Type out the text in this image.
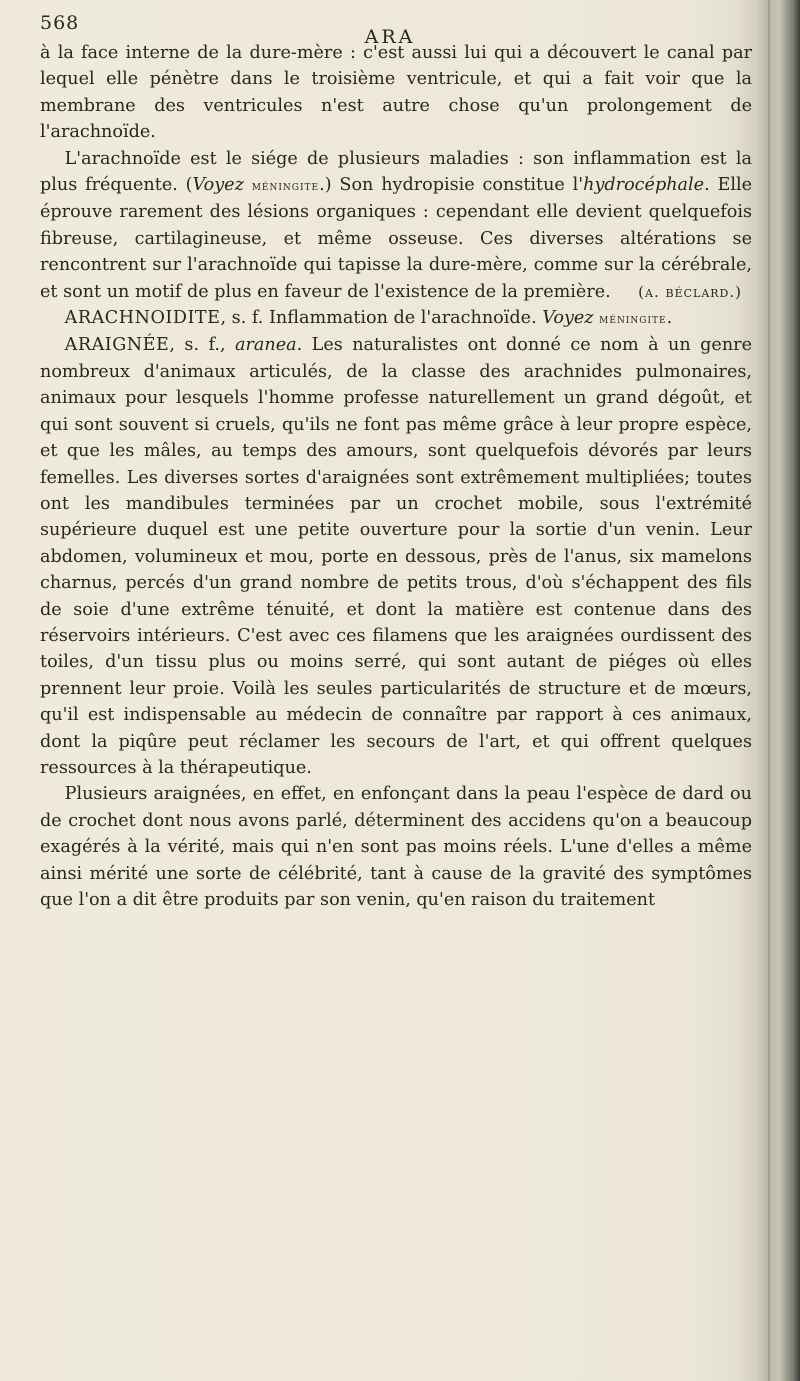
568
ARA

à la face interne de la dure-mère : c'est aussi lui qui a découvert le canal par lequel elle pénètre dans le troisième ventricule, et qui a fait voir que la membrane des ventricules n'est autre chose qu'un prolongement de l'arachnoïde.

L'arachnoïde est le siége de plusieurs maladies : son inflammation est la plus fréquente. (Voyez méningite.) Son hydropisie constitue l'hydrocéphale. Elle éprouve rarement des lésions organiques : cependant elle devient quelquefois fibreuse, cartilagineuse, et même osseuse. Ces diverses altérations se rencontrent sur l'arachnoïde qui tapisse la dure-mère, comme sur la cérébrale, et sont un motif de plus en faveur de l'existence de la première.	(a. béclard.)

ARACHNOIDITE, s. f. Inflammation de l'arachnoïde. Voyez méningite.

ARAIGNÉE, s. f., aranea. Les naturalistes ont donné ce nom à un genre nombreux d'animaux articulés, de la classe des arachnides pulmonaires, animaux pour lesquels l'homme professe naturellement un grand dégoût, et qui sont souvent si cruels, qu'ils ne font pas même grâce à leur propre espèce, et que les mâles, au temps des amours, sont quelquefois dévorés par leurs femelles. Les diverses sortes d'araignées sont extrêmement multipliées; toutes ont les mandibules terminées par un crochet mobile, sous l'extrémité supérieure duquel est une petite ouverture pour la sortie d'un venin. Leur abdomen, volumineux et mou, porte en dessous, près de l'anus, six mamelons charnus, percés d'un grand nombre de petits trous, d'où s'échappent des fils de soie d'une extrême ténuité, et dont la matière est contenue dans des réservoirs intérieurs. C'est avec ces filamens que les araignées ourdissent des toiles, d'un tissu plus ou moins serré, qui sont autant de piéges où elles prennent leur proie. Voilà les seules particularités de structure et de mœurs, qu'il est indispensable au médecin de connaître par rapport à ces animaux, dont la piqûre peut réclamer les secours de l'art, et qui offrent quelques ressources à la thérapeutique.

Plusieurs araignées, en effet, en enfonçant dans la peau l'espèce de dard ou de crochet dont nous avons parlé, déterminent des accidens qu'on a beaucoup exagérés à la vérité, mais qui n'en sont pas moins réels. L'une d'elles a même ainsi mérité une sorte de célébrité, tant à cause de la gravité des symptômes que l'on a dit être produits par son venin, qu'en raison du traitement
